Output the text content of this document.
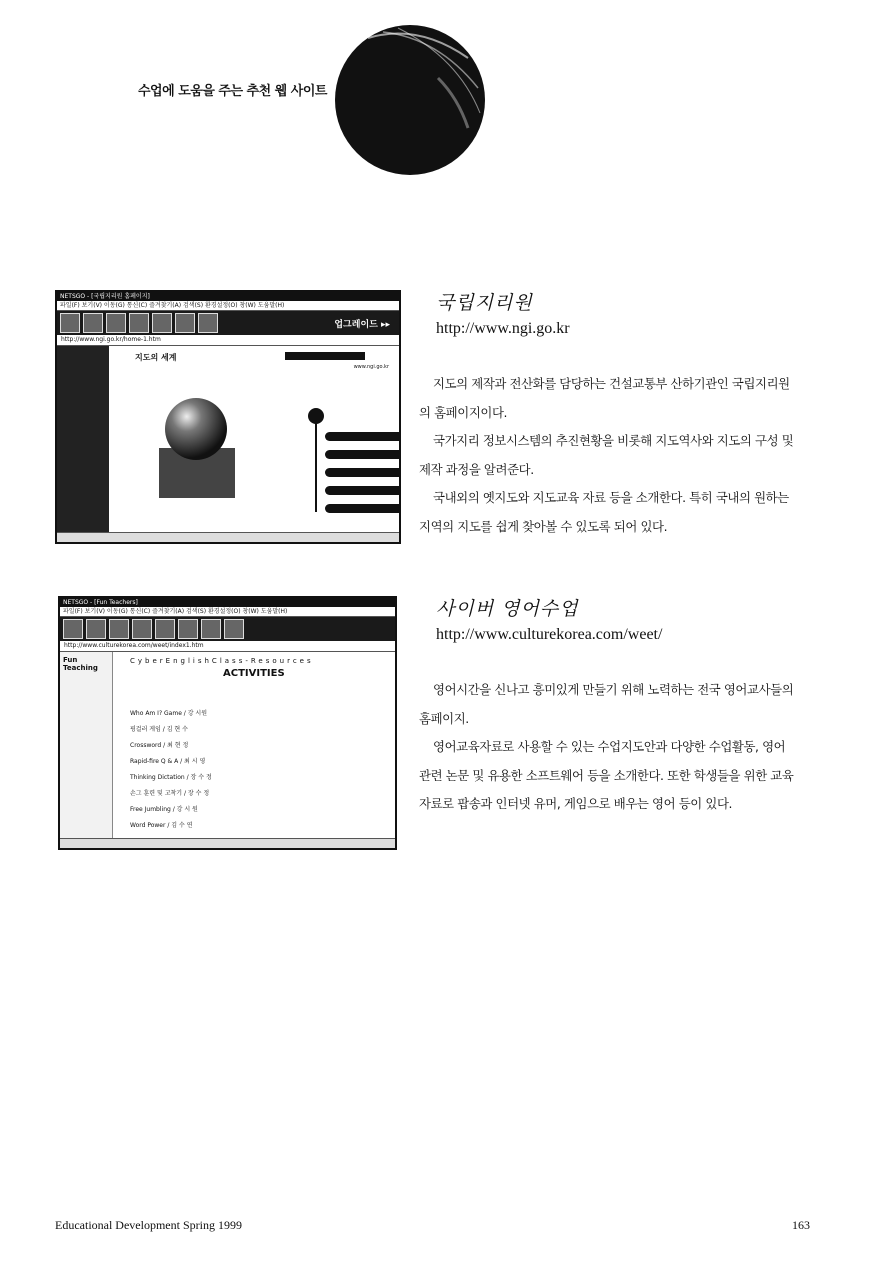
수업에 도움을 주는 추천 웹 사이트
NETSGO - [국립지리원 홈페이지]
파일(F) 보기(V) 이동(G) 통신(C) 즐겨찾기(A) 검색(S) 환경설정(O) 창(W) 도움말(H)
업그레이드 ▸▸
http://www.ngi.go.kr/home-1.htm
지도의 세계
www.ngi.go.kr
국립지리원
http://www.ngi.go.kr

지도의 제작과 전산화를 담당하는 건설교통부 산하기관인 국립지리원의 홈페이지이다.

국가지리 정보시스템의 추진현황을 비롯해 지도역사와 지도의 구성 및 제작 과정을 알려준다.

국내외의 옛지도와 지도교육 자료 등을 소개한다. 특히 국내의 원하는 지역의 지도를 쉽게 찾아볼 수 있도록 되어 있다.

NETSGO - [Fun Teachers]
파일(F) 보기(V) 이동(G) 통신(C) 즐겨찾기(A) 검색(S) 환경설정(O) 창(W) 도움말(H)
http://www.culturekorea.com/weet/index1.htm
Fun Teaching
CyberEnglishClass-Resources
ACTIVITIES
Who Am I? Game / 강 시원
핑걸러 게임 / 김 현 수
Crossword / 최 현 정
Rapid-fire Q & A / 최 시 영
Thinking Dictation / 장 수 정
손그 훈련 및 고착기 / 장 수 정
Free Jumbling / 강 시 원
Word Power / 김 수 연
사이버 영어수업
http://www.culturekorea.com/weet/

영어시간을 신나고 흥미있게 만들기 위해 노력하는 전국 영어교사들의 홈페이지.

영어교육자료로 사용할 수 있는 수업지도안과 다양한 수업활동, 영어 관련 논문 및 유용한 소프트웨어 등을 소개한다. 또한 학생들을 위한 교육자료로 팝송과 인터넷 유머, 게임으로 배우는 영어 등이 있다.

Educational Development Spring 1999	163
